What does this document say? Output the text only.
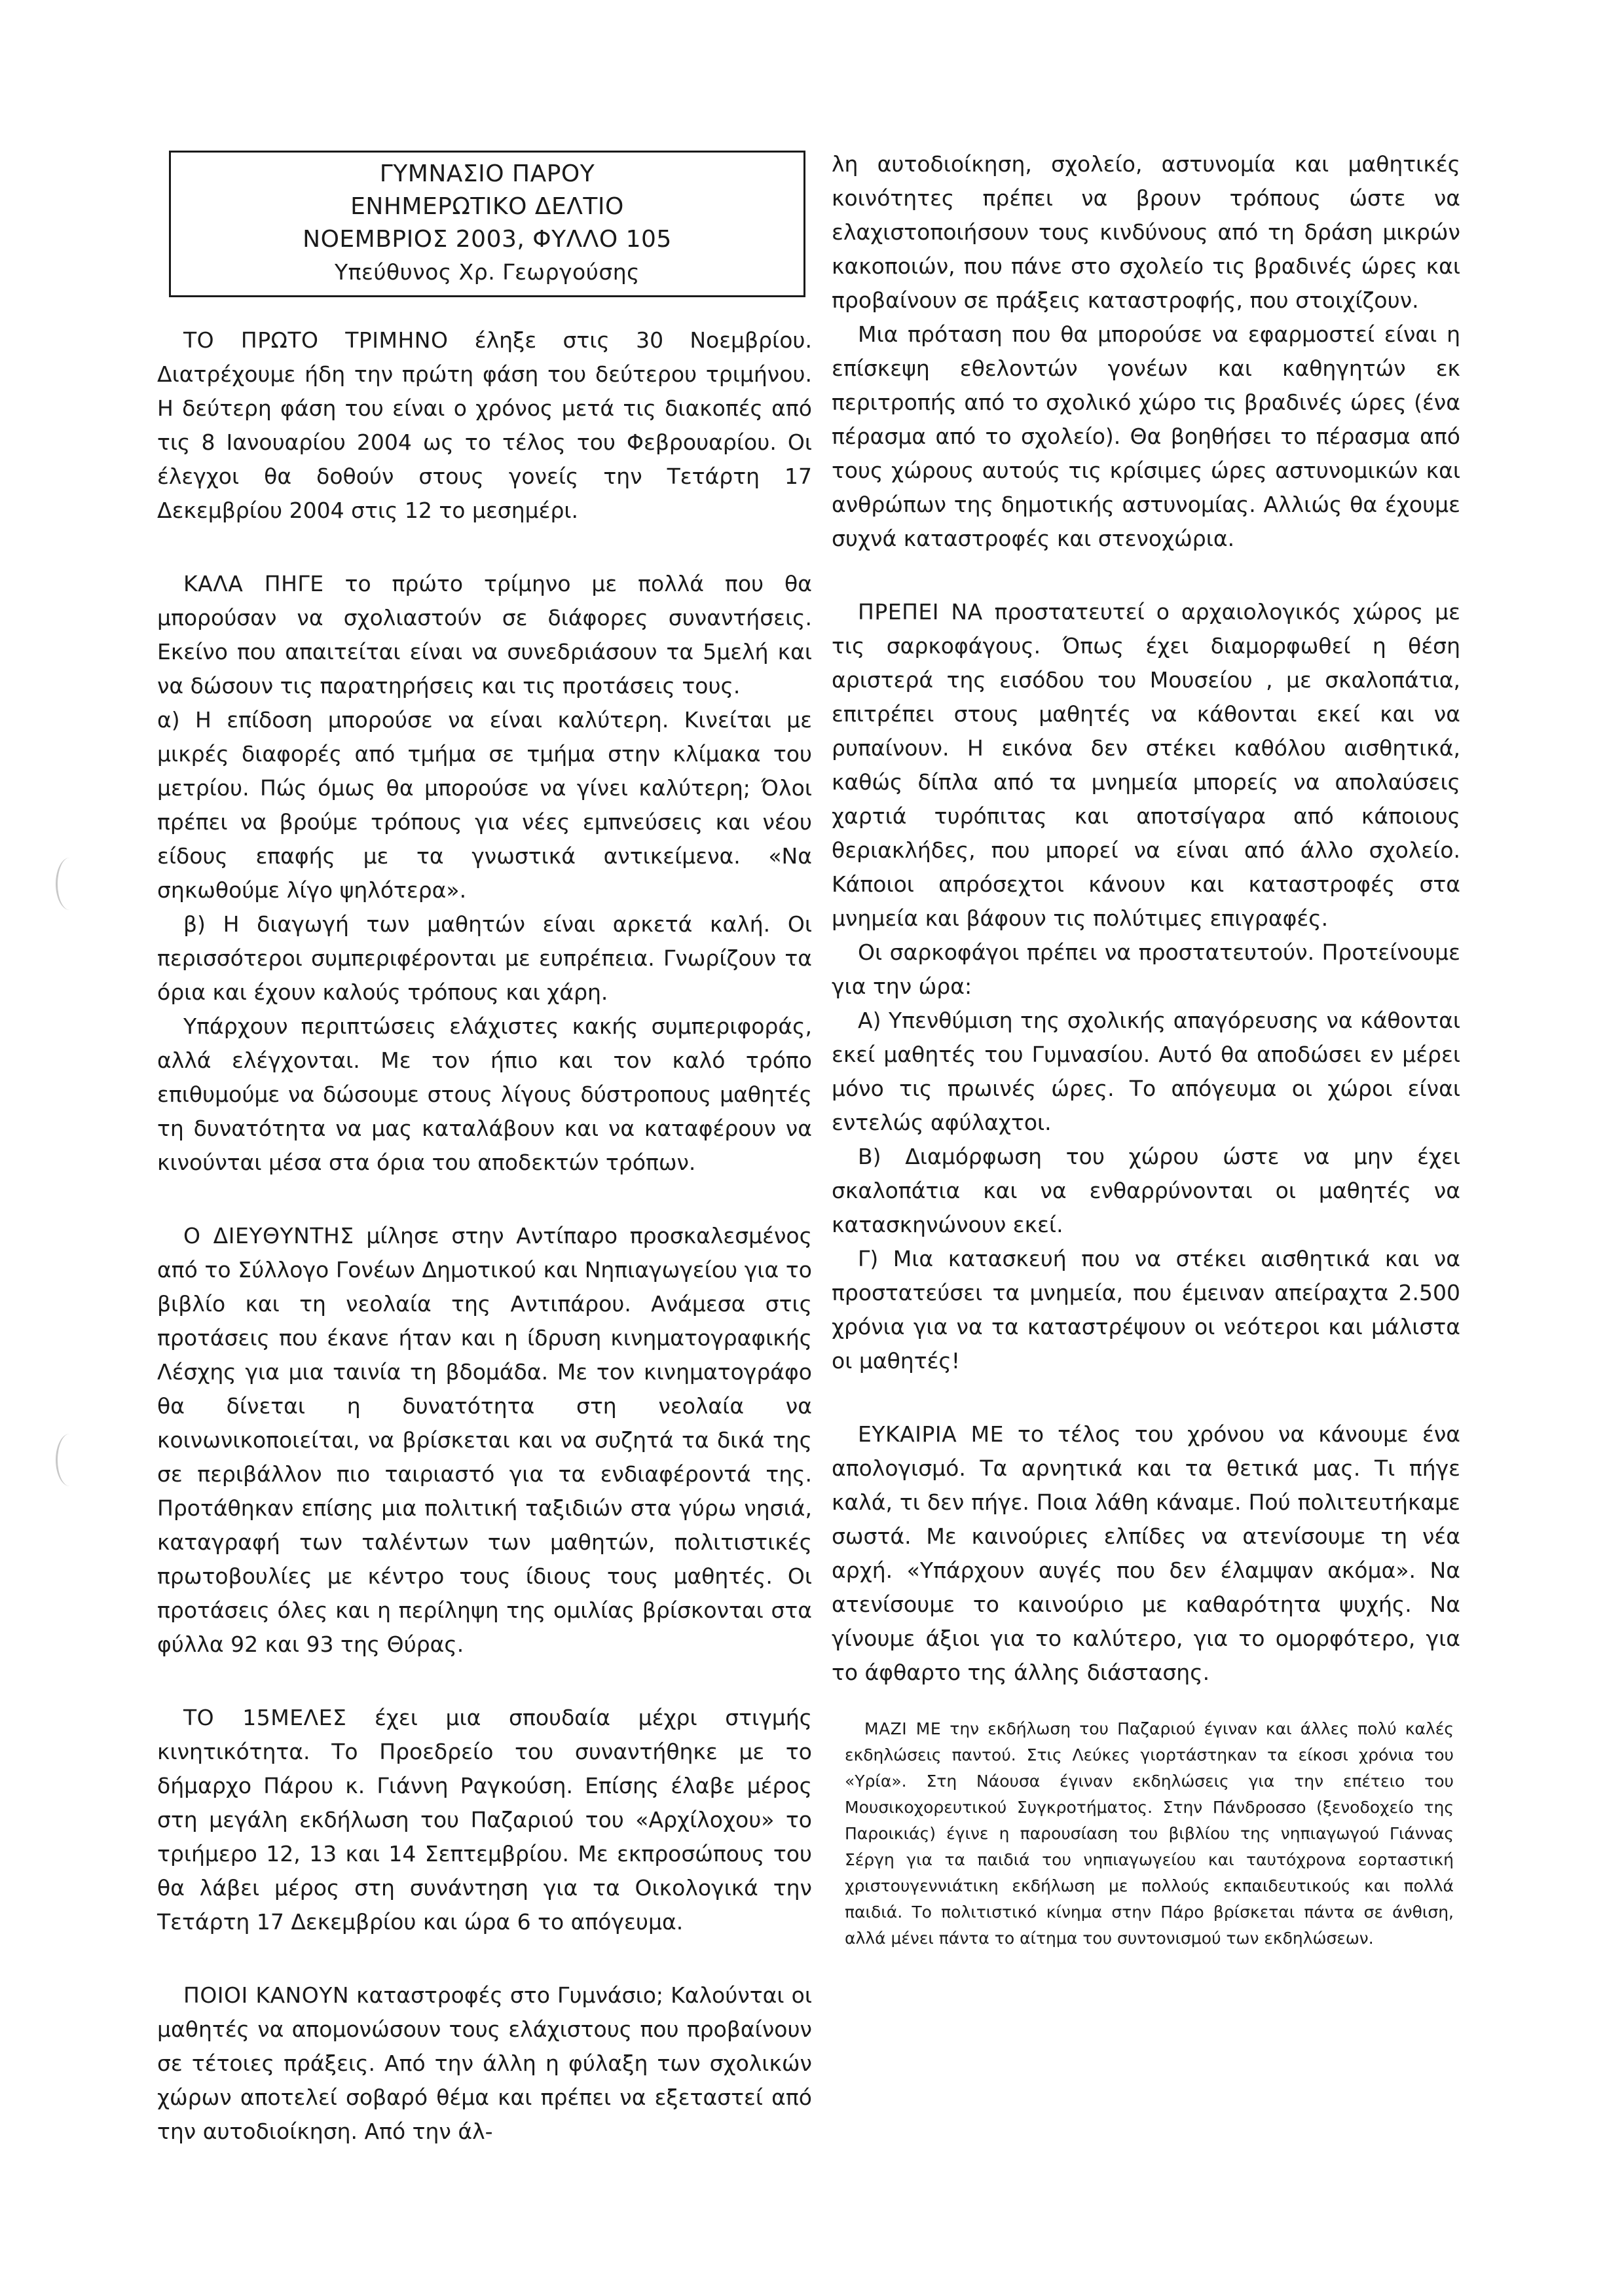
ΓΥΜΝΑΣΙΟ ΠΑΡΟΥ
ΕΝΗΜΕΡΩΤΙΚΟ ΔΕΛΤΙΟ
ΝΟΕΜΒΡΙΟΣ 2003, ΦΥΛΛΟ 105
Υπεύθυνος Χρ. Γεωργούσης

ΤΟ ΠΡΩΤΟ ΤΡΙΜΗΝΟ έληξε στις 30 Νοεμβρίου. Διατρέχουμε ήδη την πρώτη φάση του δεύτερου τριμήνου. Η δεύτερη φάση του είναι ο χρόνος μετά τις διακοπές από τις 8 Ιανουαρίου 2004 ως το τέλος του Φεβρουαρίου. Οι έλεγχοι θα δοθούν στους γονείς την Τετάρτη 17 Δεκεμβρίου 2004 στις 12 το μεσημέρι.

ΚΑΛΑ ΠΗΓΕ το πρώτο τρίμηνο με πολλά που θα μπορούσαν να σχολιαστούν σε διάφορες συναντήσεις. Εκείνο που απαιτείται είναι να συνεδριάσουν τα 5μελή και να δώσουν τις παρατηρήσεις και τις προτάσεις τους.

α) Η επίδοση μπορούσε να είναι καλύτερη. Κινείται με μικρές διαφορές από τμήμα σε τμήμα στην κλίμακα του μετρίου. Πώς όμως θα μπορούσε να γίνει καλύτερη; Όλοι πρέπει να βρούμε τρόπους για νέες εμπνεύσεις και νέου είδους επαφής με τα γνωστικά αντικείμενα. «Να σηκωθούμε λίγο ψηλότερα».

β) Η διαγωγή των μαθητών είναι αρκετά καλή. Οι περισσότεροι συμπεριφέρονται με ευπρέπεια. Γνωρίζουν τα όρια και έχουν καλούς τρόπους και χάρη.

Υπάρχουν περιπτώσεις ελάχιστες κακής συμπεριφοράς, αλλά ελέγχονται. Με τον ήπιο και τον καλό τρόπο επιθυμούμε να δώσουμε στους λίγους δύστροπους μαθητές τη δυνατότητα να μας καταλάβουν και να καταφέρουν να κινούνται μέσα στα όρια του αποδεκτών τρόπων.

Ο ΔΙΕΥΘΥΝΤΗΣ μίλησε στην Αντίπαρο προσκαλεσμένος από το Σύλλογο Γονέων Δημοτικού και Νηπιαγωγείου για το βιβλίο και τη νεολαία της Αντιπάρου. Ανάμεσα στις προτάσεις που έκανε ήταν και η ίδρυση κινηματογραφικής Λέσχης για μια ταινία τη βδομάδα. Με τον κινηματογράφο θα δίνεται η δυνατότητα στη νεολαία να κοινωνικοποιείται, να βρίσκεται και να συζητά τα δικά της σε περιβάλλον πιο ταιριαστό για τα ενδιαφέροντά της. Προτάθηκαν επίσης μια πολιτική ταξιδιών στα γύρω νησιά, καταγραφή των ταλέντων των μαθητών, πολιτιστικές πρωτοβουλίες με κέντρο τους ίδιους τους μαθητές. Οι προτάσεις όλες και η περίληψη της ομιλίας βρίσκονται στα φύλλα 92 και 93 της Θύρας.

ΤΟ 15ΜΕΛΕΣ έχει μια σπουδαία μέχρι στιγμής κινητικότητα. Το Προεδρείο του συναντήθηκε με το δήμαρχο Πάρου κ. Γιάννη Ραγκούση. Επίσης έλαβε μέρος στη μεγάλη εκδήλωση του Παζαριού του «Αρχίλοχου» το τριήμερο 12, 13 και 14 Σεπτεμβρίου. Με εκπροσώπους του θα λάβει μέρος στη συνάντηση για τα Οικολογικά την Τετάρτη 17 Δεκεμβρίου και ώρα 6 το απόγευμα.

ΠΟΙΟΙ ΚΑΝΟΥΝ καταστροφές στο Γυμνάσιο; Καλούνται οι μαθητές να απομονώσουν τους ελάχιστους που προβαίνουν σε τέτοιες πράξεις. Από την άλλη η φύλαξη των σχολικών χώρων αποτελεί σοβαρό θέμα και πρέπει να εξεταστεί από την αυτοδιοίκηση. Από την άλ-

λη αυτοδιοίκηση, σχολείο, αστυνομία και μαθητικές κοινότητες πρέπει να βρουν τρόπους ώστε να ελαχιστοποιήσουν τους κινδύνους από τη δράση μικρών κακοποιών, που πάνε στο σχολείο τις βραδινές ώρες και προβαίνουν σε πράξεις καταστροφής, που στοιχίζουν.

Μια πρόταση που θα μπορούσε να εφαρμοστεί είναι η επίσκεψη εθελοντών γονέων και καθηγητών εκ περιτροπής από το σχολικό χώρο τις βραδινές ώρες (ένα πέρασμα από το σχολείο). Θα βοηθήσει το πέρασμα από τους χώρους αυτούς τις κρίσιμες ώρες αστυνομικών και ανθρώπων της δημοτικής αστυνομίας. Αλλιώς θα έχουμε συχνά καταστροφές και στενοχώρια.

ΠΡΕΠΕΙ ΝΑ προστατευτεί ο αρχαιολογικός χώρος με τις σαρκοφάγους. Όπως έχει διαμορφωθεί η θέση αριστερά της εισόδου του Μουσείου , με σκαλοπάτια, επιτρέπει στους μαθητές να κάθονται εκεί και να ρυπαίνουν. Η εικόνα δεν στέκει καθόλου αισθητικά, καθώς δίπλα από τα μνημεία μπορείς να απολαύσεις χαρτιά τυρόπιτας και αποτσίγαρα από κάποιους θεριακλήδες, που μπορεί να είναι από άλλο σχολείο. Κάποιοι απρόσεχτοι κάνουν και καταστροφές στα μνημεία και βάφουν τις πολύτιμες επιγραφές.

Οι σαρκοφάγοι πρέπει να προστατευτούν. Προτείνουμε για την ώρα:

Α) Υπενθύμιση της σχολικής απαγόρευσης να κάθονται εκεί μαθητές του Γυμνασίου. Αυτό θα αποδώσει εν μέρει μόνο τις πρωινές ώρες. Το απόγευμα οι χώροι είναι εντελώς αφύλαχτοι.

Β) Διαμόρφωση του χώρου ώστε να μην έχει σκαλοπάτια και να ενθαρρύνονται οι μαθητές να κατασκηνώνουν εκεί.

Γ) Μια κατασκευή που να στέκει αισθητικά και να προστατεύσει τα μνημεία, που έμειναν απείραχτα 2.500 χρόνια για να τα καταστρέψουν οι νεότεροι και μάλιστα οι μαθητές!

ΕΥΚΑΙΡΙΑ ΜΕ το τέλος του χρόνου να κάνουμε ένα απολογισμό. Τα αρνητικά και τα θετικά μας. Τι πήγε καλά, τι δεν πήγε. Ποια λάθη κάναμε. Πού πολιτευτήκαμε σωστά. Με καινούριες ελπίδες να ατενίσουμε τη νέα αρχή. «Υπάρχουν αυγές που δεν έλαμψαν ακόμα». Να ατενίσουμε το καινούριο με καθαρότητα ψυχής. Να γίνουμε άξιοι για το καλύτερο, για το ομορφότερο, για το άφθαρτο της άλλης διάστασης.

ΜΑΖΙ ΜΕ την εκδήλωση του Παζαριού έγιναν και άλλες πολύ καλές εκδηλώσεις παντού. Στις Λεύκες γιορτάστηκαν τα είκοσι χρόνια του «Υρία». Στη Νάουσα έγιναν εκδηλώσεις για την επέτειο του Μουσικοχορευτικού Συγκροτήματος. Στην Πάνδροσσο (ξενοδοχείο της Παροικιάς) έγινε η παρουσίαση του βιβλίου της νηπιαγωγού Γιάννας Σέργη για τα παιδιά του νηπιαγωγείου και ταυτόχρονα εορταστική χριστουγεννιάτικη εκδήλωση με πολλούς εκπαιδευτικούς και πολλά παιδιά. Το πολιτιστικό κίνημα στην Πάρο βρίσκεται πάντα σε άνθιση, αλλά μένει πάντα το αίτημα του συντονισμού των εκδηλώσεων.
